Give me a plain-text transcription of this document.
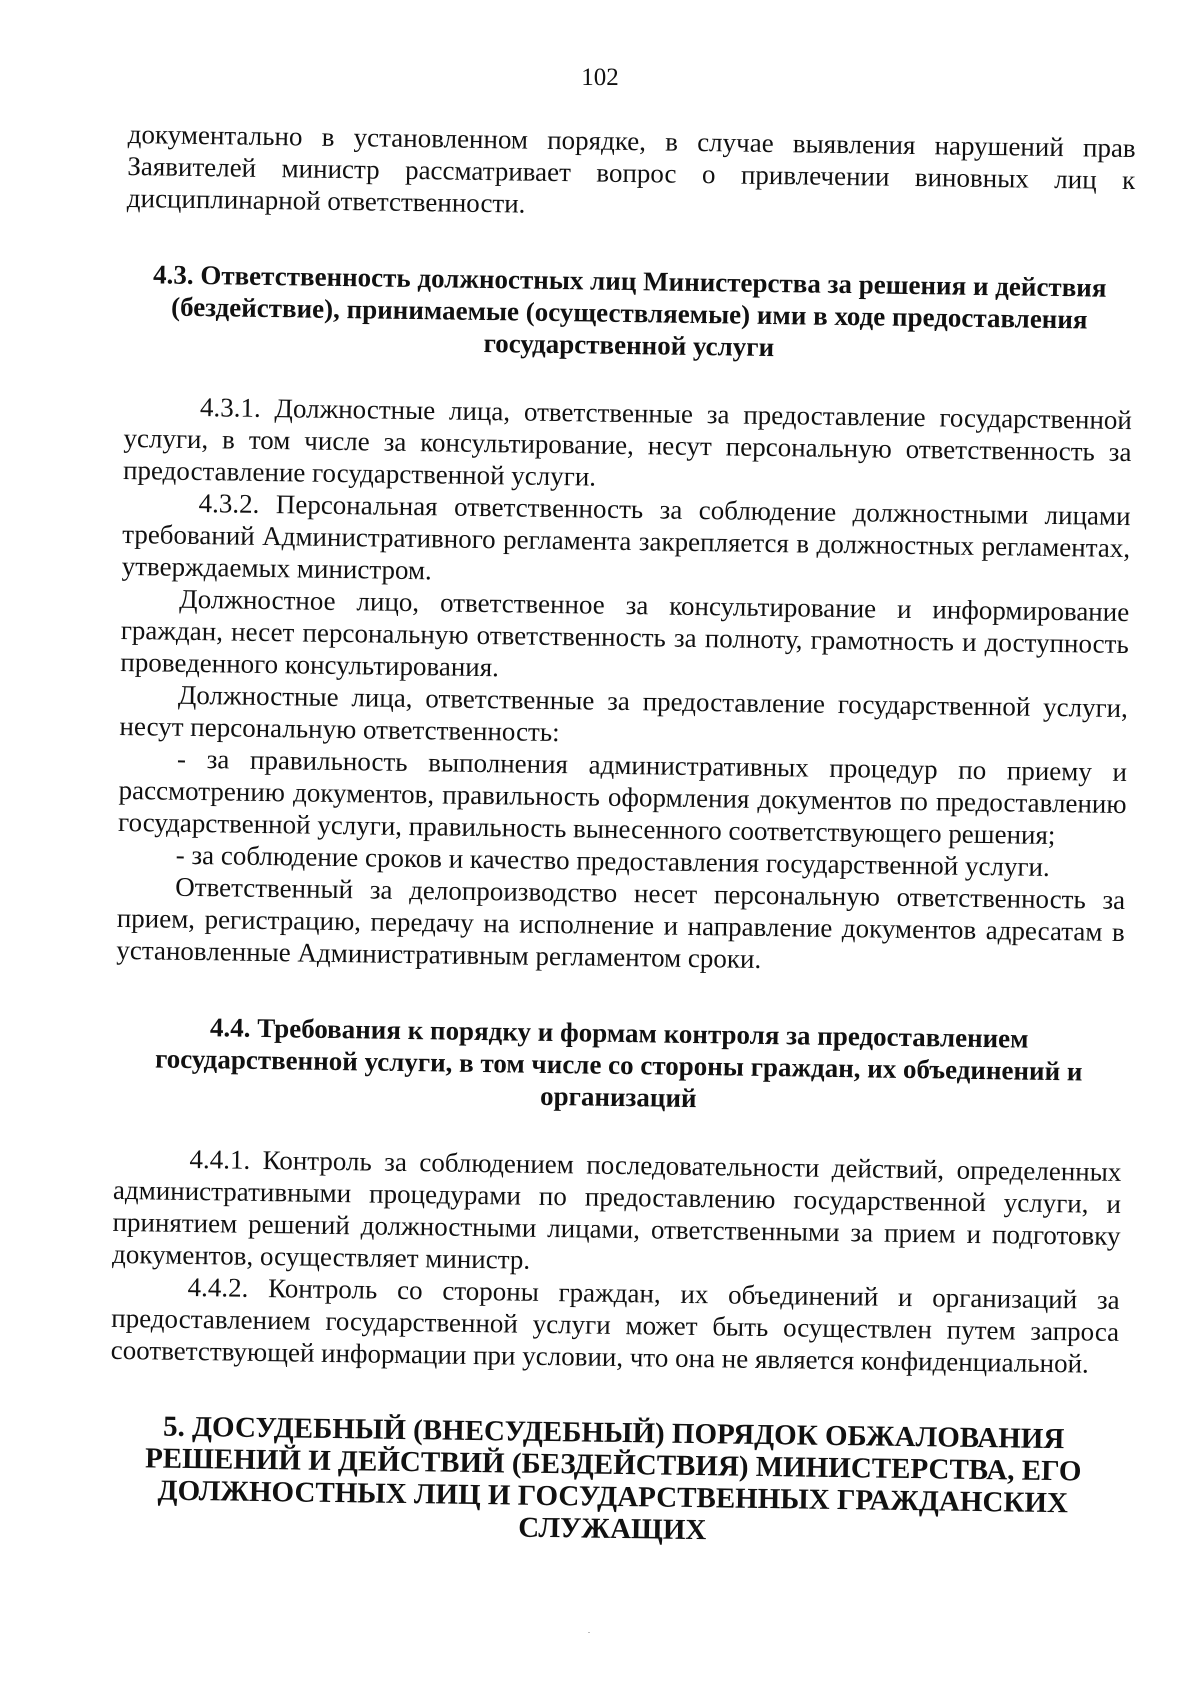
102

документально в установленном порядке, в случае выявления нарушений прав Заявителей министр рассматривает вопрос о привлечении виновных лиц к дисциплинарной ответственности.

4.3. Ответственность должностных лиц Министерства за решения и действия (бездействие), принимаемые (осуществляемые) ими в ходе предоставления государственной услуги

4.3.1. Должностные лица, ответственные за предоставление государственной услуги, в том числе за консультирование, несут персональную ответственность за предоставление государственной услуги.

4.3.2. Персональная ответственность за соблюдение должностными лицами требований Административного регламента закрепляется в должностных регламентах, утверждаемых министром.

Должностное лицо, ответственное за консультирование и информирование граждан, несет персональную ответственность за полноту, грамотность и доступность проведенного консультирования.

Должностные лица, ответственные за предоставление государственной услуги, несут персональную ответственность:

- за правильность выполнения административных процедур по приему и рассмотрению документов, правильность оформления документов по предоставлению государственной услуги, правильность вынесенного соответствующего решения;

- за соблюдение сроков и качество предоставления государственной услуги.

Ответственный за делопроизводство несет персональную ответственность за прием, регистрацию, передачу на исполнение и направление документов адресатам в установленные Административным регламентом сроки.

4.4. Требования к порядку и формам контроля за предоставлением государственной услуги, в том числе со стороны граждан, их объединений и организаций

4.4.1. Контроль за соблюдением последовательности действий, определенных административными процедурами по предоставлению государственной услуги, и принятием решений должностными лицами, ответственными за прием и подготовку документов, осуществляет министр.

4.4.2. Контроль со стороны граждан, их объединений и организаций за предоставлением государственной услуги может быть осуществлен путем запроса соответствующей информации при условии, что она не является конфиденциальной.

5. ДОСУДЕБНЫЙ (ВНЕСУДЕБНЫЙ) ПОРЯДОК ОБЖАЛОВАНИЯ РЕШЕНИЙ И ДЕЙСТВИЙ (БЕЗДЕЙСТВИЯ) МИНИСТЕРСТВА, ЕГО ДОЛЖНОСТНЫХ ЛИЦ И ГОСУДАРСТВЕННЫХ ГРАЖДАНСКИХ СЛУЖАЩИХ
